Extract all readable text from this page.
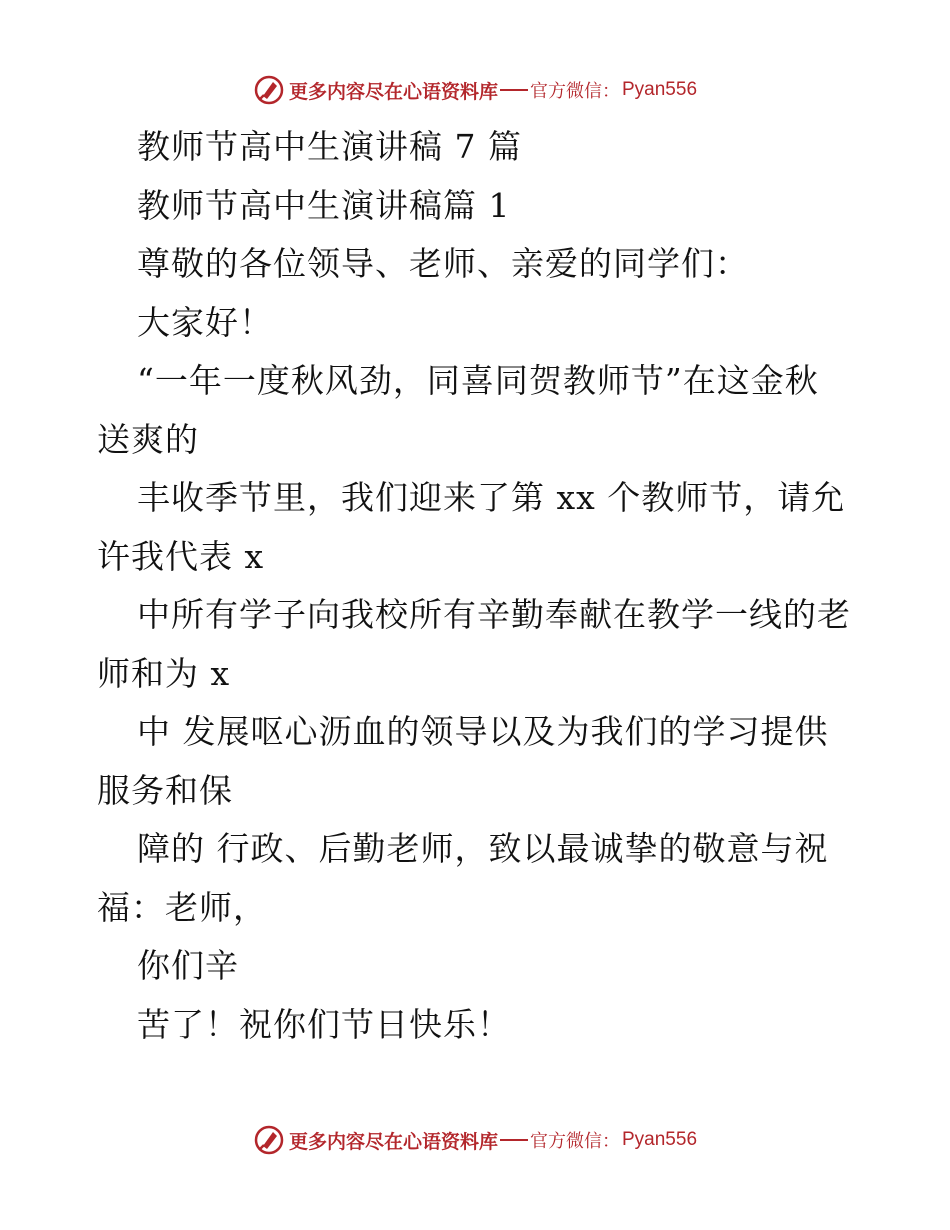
更多内容尽在心语资料库 官方微信： Pyan556
教师节高中生演讲稿 7 篇
教师节高中生演讲稿篇 1
尊敬的各位领导、老师、亲爱的同学们：
大家好！
“一年一度秋风劲，同喜同贺教师节”在这金秋
送爽的
丰收季节里，我们迎来了第 xx 个教师节，请允
许我代表 x
中所有学子向我校所有辛勤奉献在教学一线的老
师和为 x
中 发展呕心沥血的领导以及为我们的学习提供
服务和保
障的 行政、后勤老师，致以最诚挚的敬意与祝
福：老师，
你们辛
苦了！祝你们节日快乐！
更多内容尽在心语资料库 官方微信： Pyan556
